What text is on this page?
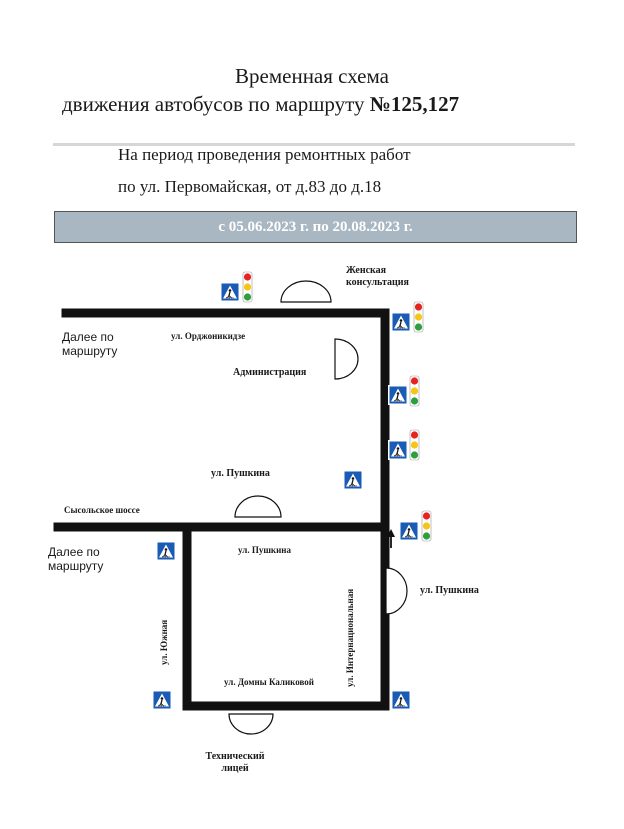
Временная схема
движения автобусов по маршруту №125,127
На период проведения ремонтных работ
по ул. Первомайская, от д.83 до д.18
с 05.06.2023 г. по 20.08.2023 г.
Далее по
маршруту
Далее по
маршруту
ул. Орджоникидзе
Администрация
Женская
консультация
ул. Пушкина
Сысольское шоссе
ул. Пушкина
ул. Пушкина
ул. Домны Каликовой	ул. Интернациональная
ул. Южная
Технический
лицей
